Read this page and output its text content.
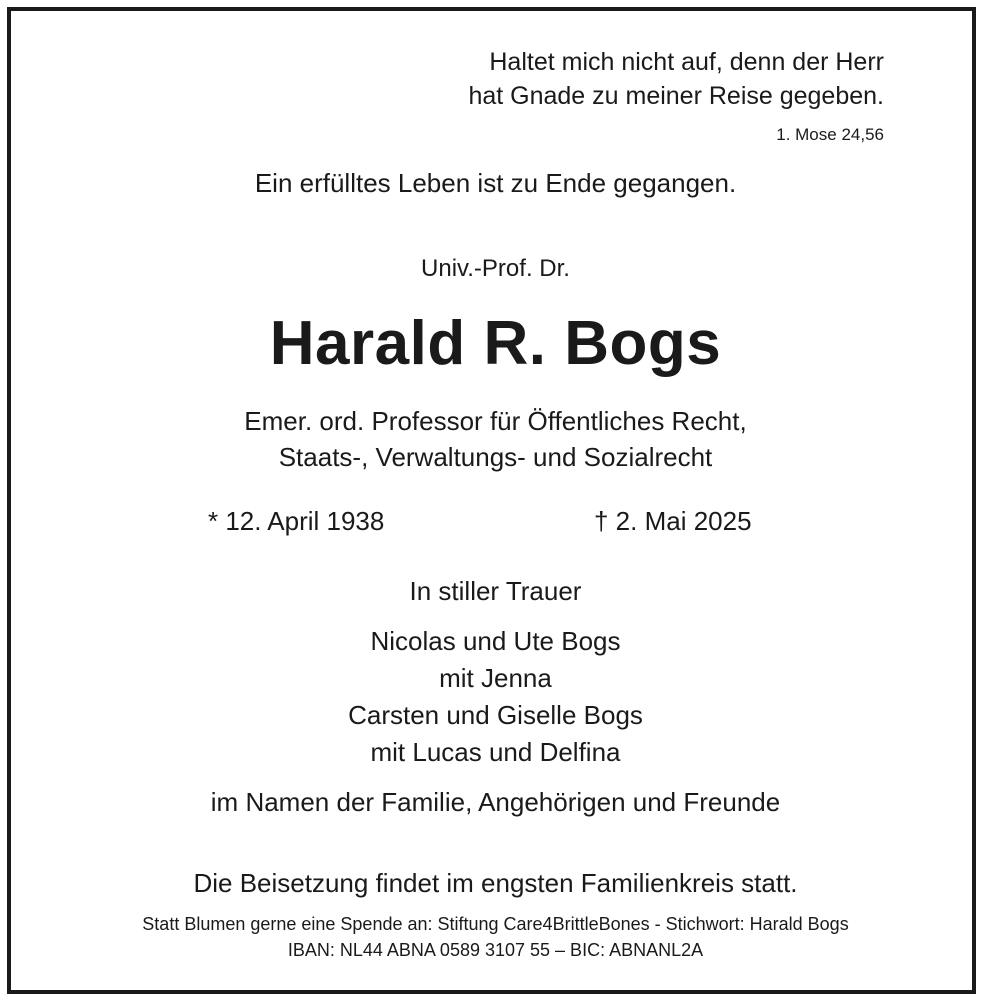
Haltet mich nicht auf, denn der Herr
hat Gnade zu meiner Reise gegeben.
1. Mose 24,56
Ein erfülltes Leben ist zu Ende gegangen.
Univ.-Prof. Dr.
Harald R. Bogs
Emer. ord. Professor für Öffentliches Recht,
Staats-, Verwaltungs- und Sozialrecht
* 12. April 1938	† 2. Mai 2025
In stiller Trauer
Nicolas und Ute Bogs
mit Jenna
Carsten und Giselle Bogs
mit Lucas und Delfina
im Namen der Familie, Angehörigen und Freunde
Die Beisetzung findet im engsten Familienkreis statt.
Statt Blumen gerne eine Spende an: Stiftung Care4BrittleBones - Stichwort: Harald Bogs
IBAN: NL44 ABNA 0589 3107 55 – BIC: ABNANL2A
